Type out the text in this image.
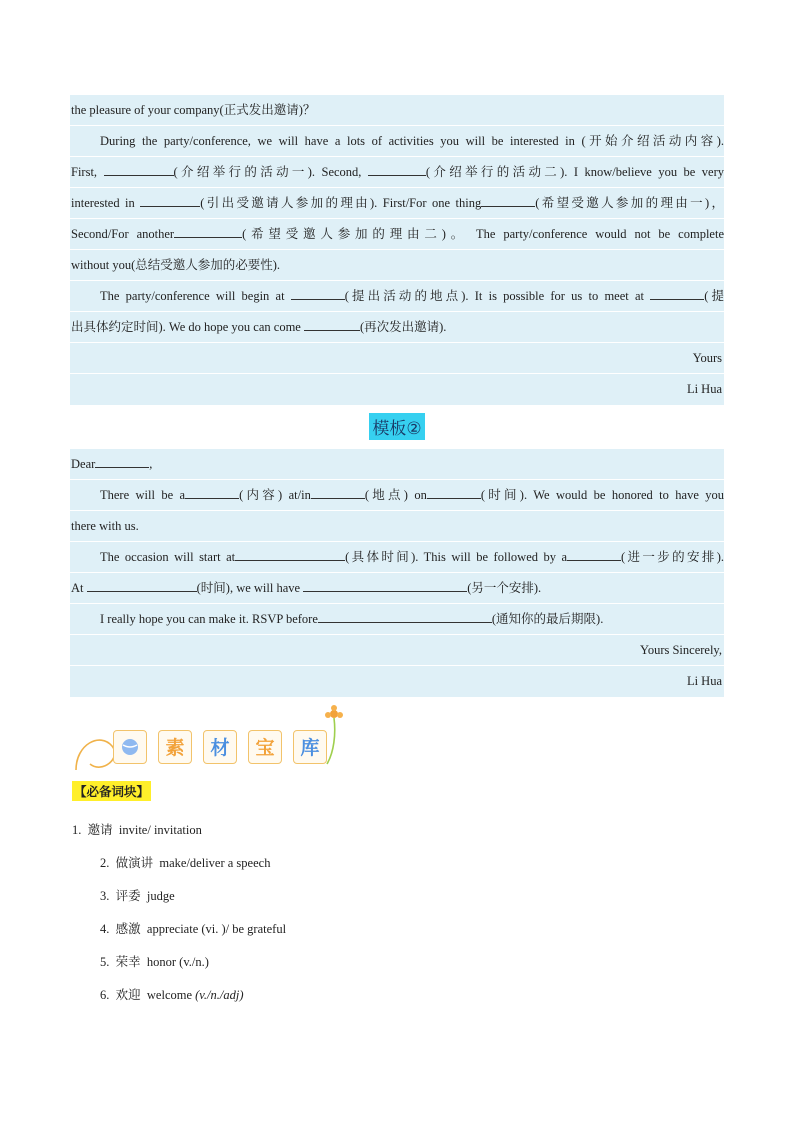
the pleasure of your company(正式发出邀请)？
During the party/conference, we will have a lots of activities you will be interested in (开始介绍活动内容).
First,	(介绍举行的活动一). Second,	(介绍举行的活动二). I know/believe you be very
interested in	(引出受邀请人参加的理由). First/For one thing	(希望受邀人参加的理由一)，
Second/For another	(希望受邀人参加的理由二)。 The party/conference would not be complete
without you(总结受邀人参加的必要性).
The party/conference will begin at	(提出活动的地点). It is possible for us to meet at	(提
出具体约定时间). We do hope you can come	(再次发出邀请).
Yours
Li Hua
模板②
Dear	,
There will be a	(内容) at/in	(地点) on	(时间). We would be honored to have you
there with us.
The occasion will start at	(具体时间). This will be followed by a	(进一步的安排).
At	(时间), we will have	(另一个安排).
I really hope you can make it. RSVP before	(通知你的最后期限).
Yours Sincerely,
Li Hua
素	材	宝	库
【必备词块】
1. 邀请 invite/ invitation
2. 做演讲 make/deliver a speech
3. 评委 judge
4. 感激 appreciate (vi. )/ be grateful
5. 荣幸 honor (v./n.)
6. 欢迎 welcome (v./n./adj)
